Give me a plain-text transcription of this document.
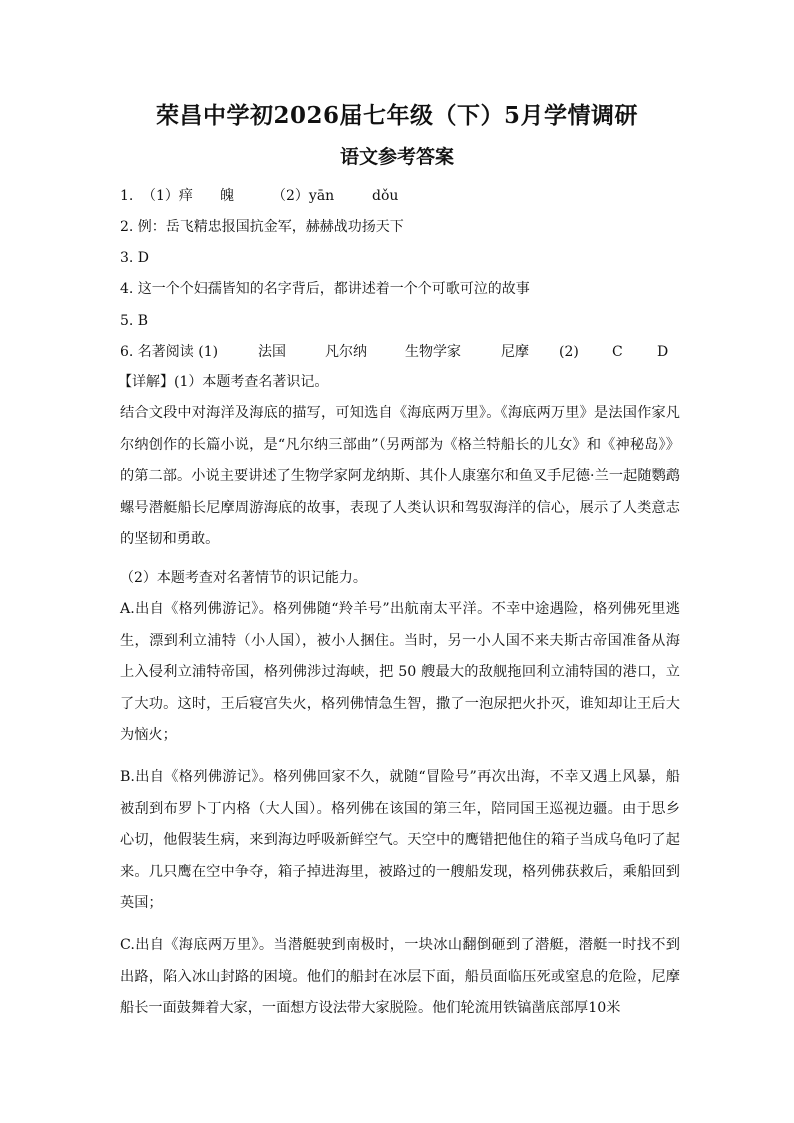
荣昌中学初2026届七年级（下）5月学情调研
语文参考答案
1. （1）痒 魄	（2）yān	dǒu
2. 例：岳飞精忠报国抗金军，赫赫战功扬天下
3. D
4. 这一个个妇孺皆知的名字背后，都讲述着一个个可歌可泣的故事
5. B
6. 名著阅读 (1)	法国	凡尔纳	生物学家	尼摩 (2) C D
【详解】(1）本题考查名著识记。
结合文段中对海洋及海底的描写，可知选自《海底两万里》。《海底两万里》是法国作家凡尔纳创作的长篇小说，是“凡尔纳三部曲”（另两部为《格兰特船长的儿女》和《神秘岛》》的第二部。小说主要讲述了生物学家阿龙纳斯、其仆人康塞尔和鱼叉手尼德·兰一起随鹦鹉螺号潜艇船长尼摩周游海底的故事，表现了人类认识和驾驭海洋的信心，展示了人类意志的坚韧和勇敢。
（2）本题考查对名著情节的识记能力。
A.出自《格列佛游记》。格列佛随“羚羊号”出航南太平洋。不幸中途遇险，格列佛死里逃生，漂到利立浦特（小人国），被小人捆住。当时，另一小人国不来夫斯古帝国准备从海上入侵利立浦特帝国，格列佛涉过海峡，把 50 艘最大的敌舰拖回利立浦特国的港口，立了大功。这时，王后寝宫失火，格列佛情急生智，撒了一泡尿把火扑灭，谁知却让王后大为恼火；
B.出自《格列佛游记》。格列佛回家不久，就随“冒险号”再次出海，不幸又遇上风暴，船被刮到布罗卜丁内格（大人国）。格列佛在该国的第三年，陪同国王巡视边疆。由于思乡心切，他假装生病，来到海边呼吸新鲜空气。天空中的鹰错把他住的箱子当成乌龟叼了起来。几只鹰在空中争夺，箱子掉进海里，被路过的一艘船发现，格列佛获救后，乘船回到英国；
C.出自《海底两万里》。当潜艇驶到南极时，一块冰山翻倒砸到了潜艇，潜艇一时找不到出路，陷入冰山封路的困境。他们的船封在冰层下面，船员面临压死或窒息的危险，尼摩船长一面鼓舞着大家，一面想方设法带大家脱险。他们轮流用铁镐凿底部厚10米
